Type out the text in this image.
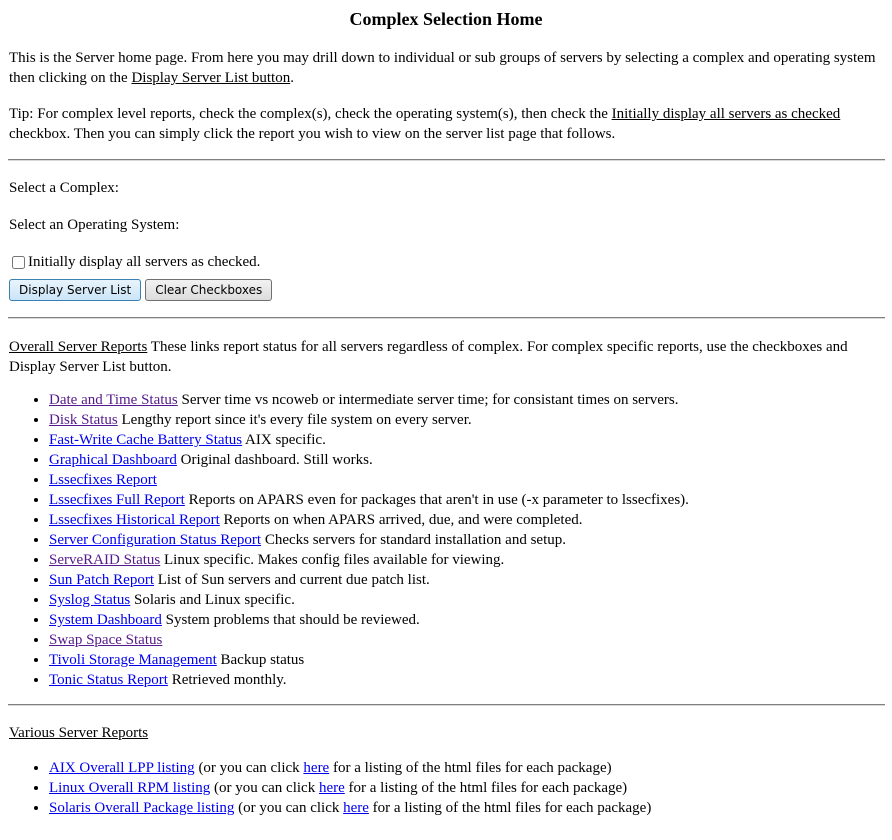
Complex Selection Home

This is the Server home page. From here you may drill down to individual or sub groups of servers by selecting a complex and operating system then clicking on the Display Server List button.

Tip: For complex level reports, check the complex(s), check the operating system(s), then check the Initially display all servers as checked checkbox. Then you can simply click the report you wish to view on the server list page that follows.

Select a Complex:

Select an Operating System:

Initially display all servers as checked.
Display Server List Clear Checkboxes

Overall Server Reports These links report status for all servers regardless of complex. For complex specific reports, use the checkboxes and Display Server List button.

• Date and Time Status Server time vs ncoweb or intermediate server time; for consistant times on servers.
• Disk Status Lengthy report since it's every file system on every server.
• Fast-Write Cache Battery Status AIX specific.
• Graphical Dashboard Original dashboard. Still works.
• Lssecfixes Report
• Lssecfixes Full Report Reports on APARS even for packages that aren't in use (-x parameter to lssecfixes).
• Lssecfixes Historical Report Reports on when APARS arrived, due, and were completed.
• Server Configuration Status Report Checks servers for standard installation and setup.
• ServeRAID Status Linux specific. Makes config files available for viewing.
• Sun Patch Report List of Sun servers and current due patch list.
• Syslog Status Solaris and Linux specific.
• System Dashboard System problems that should be reviewed.
• Swap Space Status
• Tivoli Storage Management Backup status
• Tonic Status Report Retrieved monthly.

Various Server Reports

• AIX Overall LPP listing (or you can click here for a listing of the html files for each package)
• Linux Overall RPM listing (or you can click here for a listing of the html files for each package)
• Solaris Overall Package listing (or you can click here for a listing of the html files for each package)
